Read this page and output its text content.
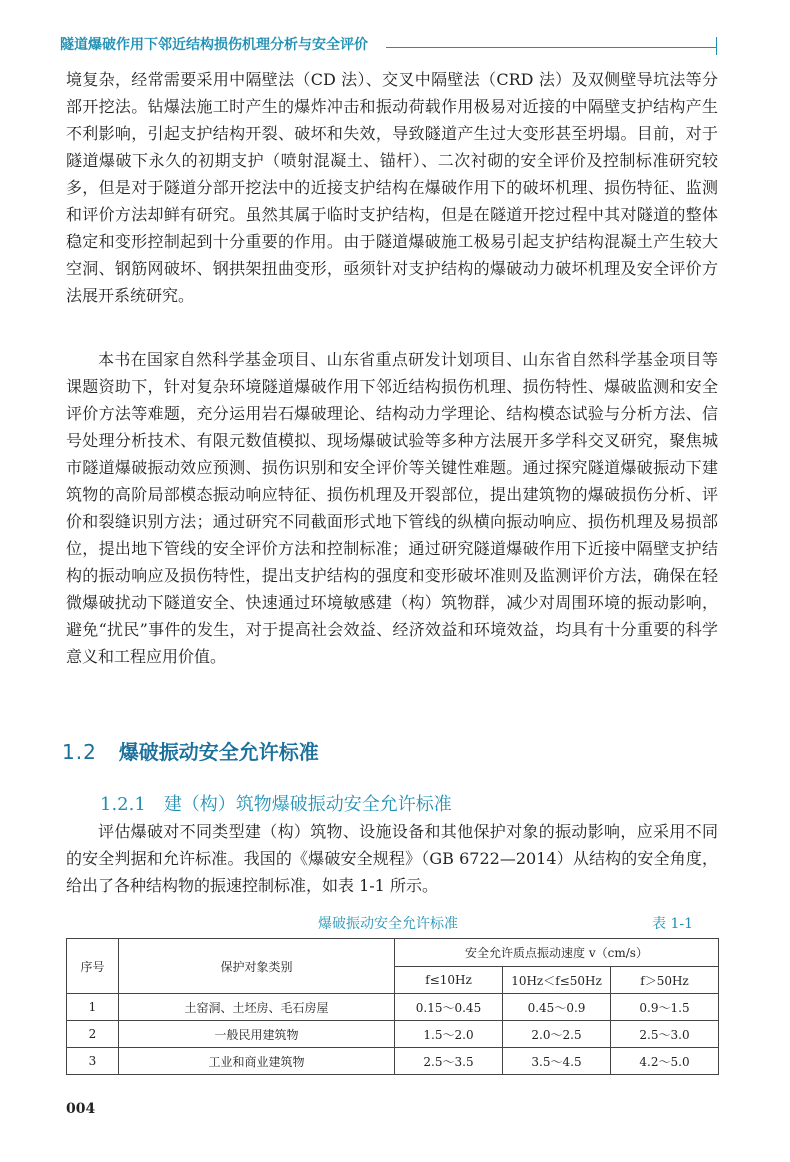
隧道爆破作用下邻近结构损伤机理分析与安全评价

境复杂，经常需要采用中隔壁法（CD 法）、交叉中隔壁法（CRD 法）及双侧壁导坑法等分部开挖法。钻爆法施工时产生的爆炸冲击和振动荷载作用极易对近接的中隔壁支护结构产生不利影响，引起支护结构开裂、破坏和失效，导致隧道产生过大变形甚至坍塌。目前，对于隧道爆破下永久的初期支护（喷射混凝土、锚杆）、二次衬砌的安全评价及控制标准研究较多，但是对于隧道分部开挖法中的近接支护结构在爆破作用下的破坏机理、损伤特征、监测和评价方法却鲜有研究。虽然其属于临时支护结构，但是在隧道开挖过程中其对隧道的整体稳定和变形控制起到十分重要的作用。由于隧道爆破施工极易引起支护结构混凝土产生较大空洞、钢筋网破坏、钢拱架扭曲变形，亟须针对支护结构的爆破动力破坏机理及安全评价方法展开系统研究。

本书在国家自然科学基金项目、山东省重点研发计划项目、山东省自然科学基金项目等课题资助下，针对复杂环境隧道爆破作用下邻近结构损伤机理、损伤特性、爆破监测和安全评价方法等难题，充分运用岩石爆破理论、结构动力学理论、结构模态试验与分析方法、信号处理分析技术、有限元数值模拟、现场爆破试验等多种方法展开多学科交叉研究，聚焦城市隧道爆破振动效应预测、损伤识别和安全评价等关键性难题。通过探究隧道爆破振动下建筑物的高阶局部模态振动响应特征、损伤机理及开裂部位，提出建筑物的爆破损伤分析、评价和裂缝识别方法；通过研究不同截面形式地下管线的纵横向振动响应、损伤机理及易损部位，提出地下管线的安全评价方法和控制标准；通过研究隧道爆破作用下近接中隔壁支护结构的振动响应及损伤特性，提出支护结构的强度和变形破坏准则及监测评价方法，确保在轻微爆破扰动下隧道安全、快速通过环境敏感建（构）筑物群，减少对周围环境的振动影响，避免“扰民”事件的发生，对于提高社会效益、经济效益和环境效益，均具有十分重要的科学意义和工程应用价值。

1.2 爆破振动安全允许标准
1.2.1 建（构）筑物爆破振动安全允许标准

评估爆破对不同类型建（构）筑物、设施设备和其他保护对象的振动影响，应采用不同的安全判据和允许标准。我国的《爆破安全规程》（GB 6722—2014）从结构的安全角度，给出了各种结构物的振速控制标准，如表 1-1 所示。

爆破振动安全允许标准	表 1-1
序号	保护对象类别	安全允许质点振动速度 v（cm/s）		
		f≤10Hz	10Hz＜f≤50Hz	f＞50Hz
1	土窑洞、土坯房、毛石房屋	0.15～0.45	0.45～0.9	0.9～1.5
2	一般民用建筑物	1.5～2.0	2.0～2.5	2.5～3.0
3	工业和商业建筑物	2.5～3.5	3.5～4.5	4.2～5.0
004
